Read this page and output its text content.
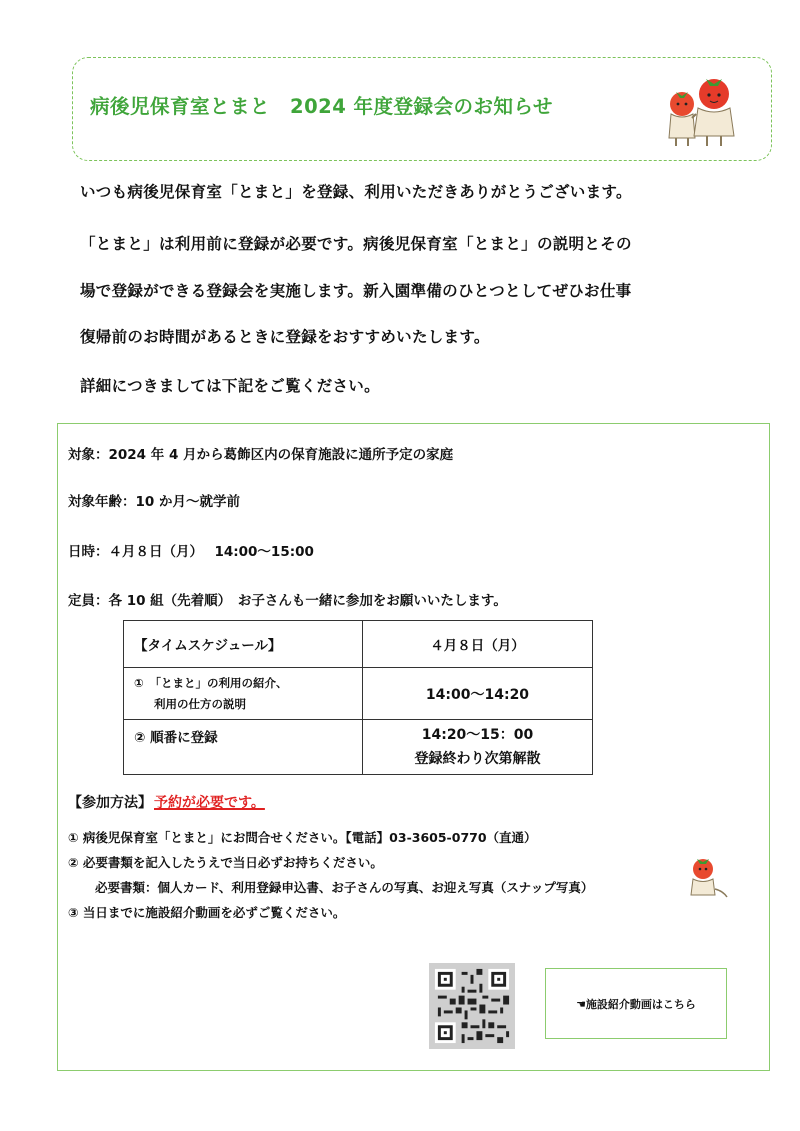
病後児保育室とまと　2024 年度登録会のお知らせ
いつも病後児保育室「とまと」を登録、利用いただきありがとうございます。
「とまと」は利用前に登録が必要です。病後児保育室「とまと」の説明とその
場で登録ができる登録会を実施します。新入園準備のひとつとしてぜひお仕事
復帰前のお時間があるときに登録をおすすめいたします。
詳細につきましては下記をご覧ください。
対象：2024 年 4 月から葛飾区内の保育施設に通所予定の家庭
対象年齢：10 か月～就学前
日時：４月８日（月）　 14:00～15:00
定員：各 10 組（先着順）　お子さんも一緒に参加をお願いいたします。
【タイムスケジュール】	４月８日（月）

①　「とまと」の利用の紹介、
利用の仕方の説明	14:00～14:20
② 順番に登録	14:20～15：00
登録終わり次第解散
【参加方法】 予約が必要です。
① 病後児保育室「とまと」にお問合せください。【電話】03-3605-0770（直通）
② 必要書類を記入したうえで当日必ずお持ちください。
必要書類：個人カード、利用登録申込書、お子さんの写真、お迎え写真（スナップ写真）
③ 当日までに施設紹介動画を必ずご覧ください。
☚施設紹介動画はこちら
